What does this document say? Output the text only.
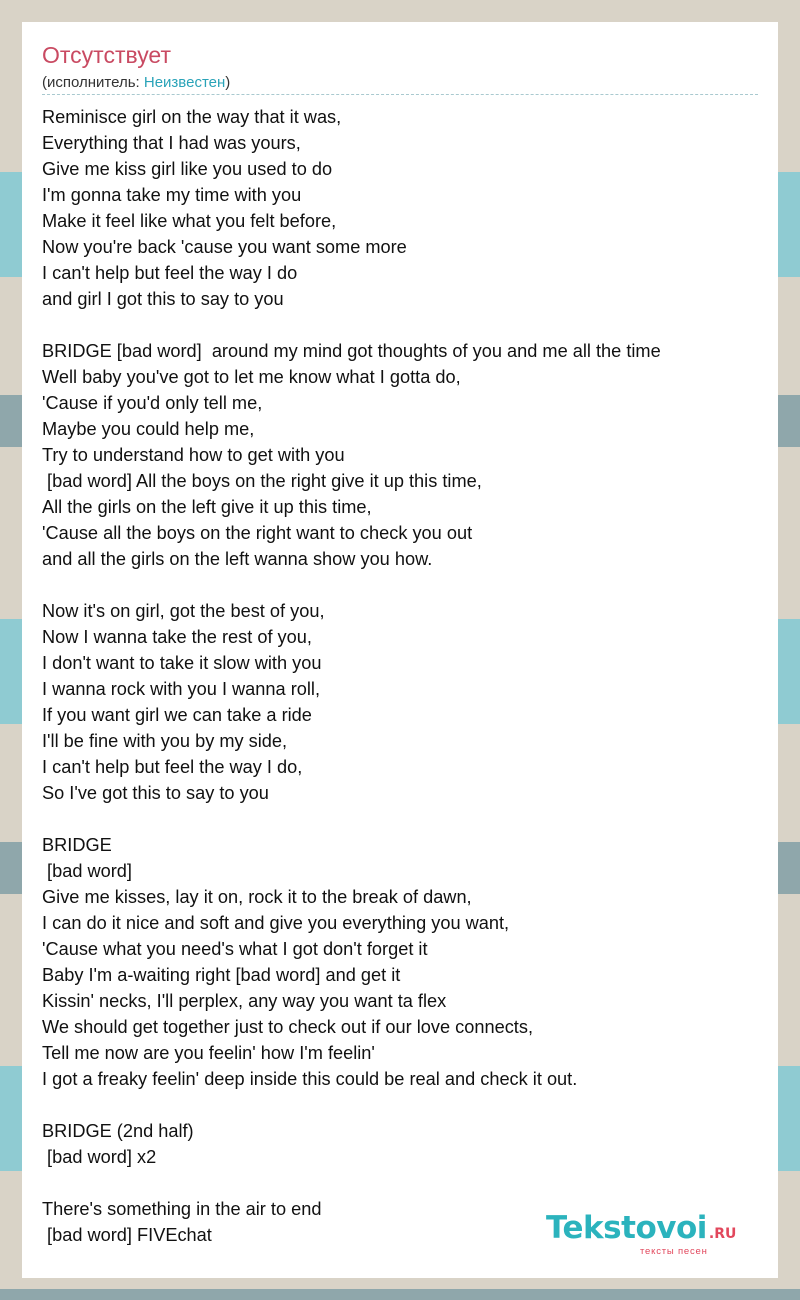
Отсутствует
(исполнитель: Неизвестен)
Reminisce girl on the way that it was,
Everything that I had was yours,
Give me kiss girl like you used to do
I'm gonna take my time with you
Make it feel like what you felt before,
Now you're back 'cause you want some more
I can't help but feel the way I do
and girl I got this to say to you
BRIDGE [bad word]  around my mind got thoughts of you and me all the time
Well baby you've got to let me know what I gotta do,
'Cause if you'd only tell me,
Maybe you could help me,
Try to understand how to get with you
[bad word] All the boys on the right give it up this time,
All the girls on the left give it up this time,
'Cause all the boys on the right want to check you out
and all the girls on the left wanna show you how.
Now it's on girl, got the best of you,
Now I wanna take the rest of you,
I don't want to take it slow with you
I wanna rock with you I wanna roll,
If you want girl we can take a ride
I'll be fine with you by my side,
I can't help but feel the way I do,
So I've got this to say to you
BRIDGE
[bad word]
Give me kisses, lay it on, rock it to the break of dawn,
I can do it nice and soft and give you everything you want,
'Cause what you need's what I got don't forget it
Baby I'm a-waiting right [bad word] and get it
Kissin' necks, I'll perplex, any way you want ta flex
We should get together just to check out if our love connects,
Tell me now are you feelin' how I'm feelin'
I got a freaky feelin' deep inside this could be real and check it out.
BRIDGE (2nd half)
[bad word] x2
There's something in the air to end
[bad word] FIVEchat	Tekstovoi .RU
тексты песен
